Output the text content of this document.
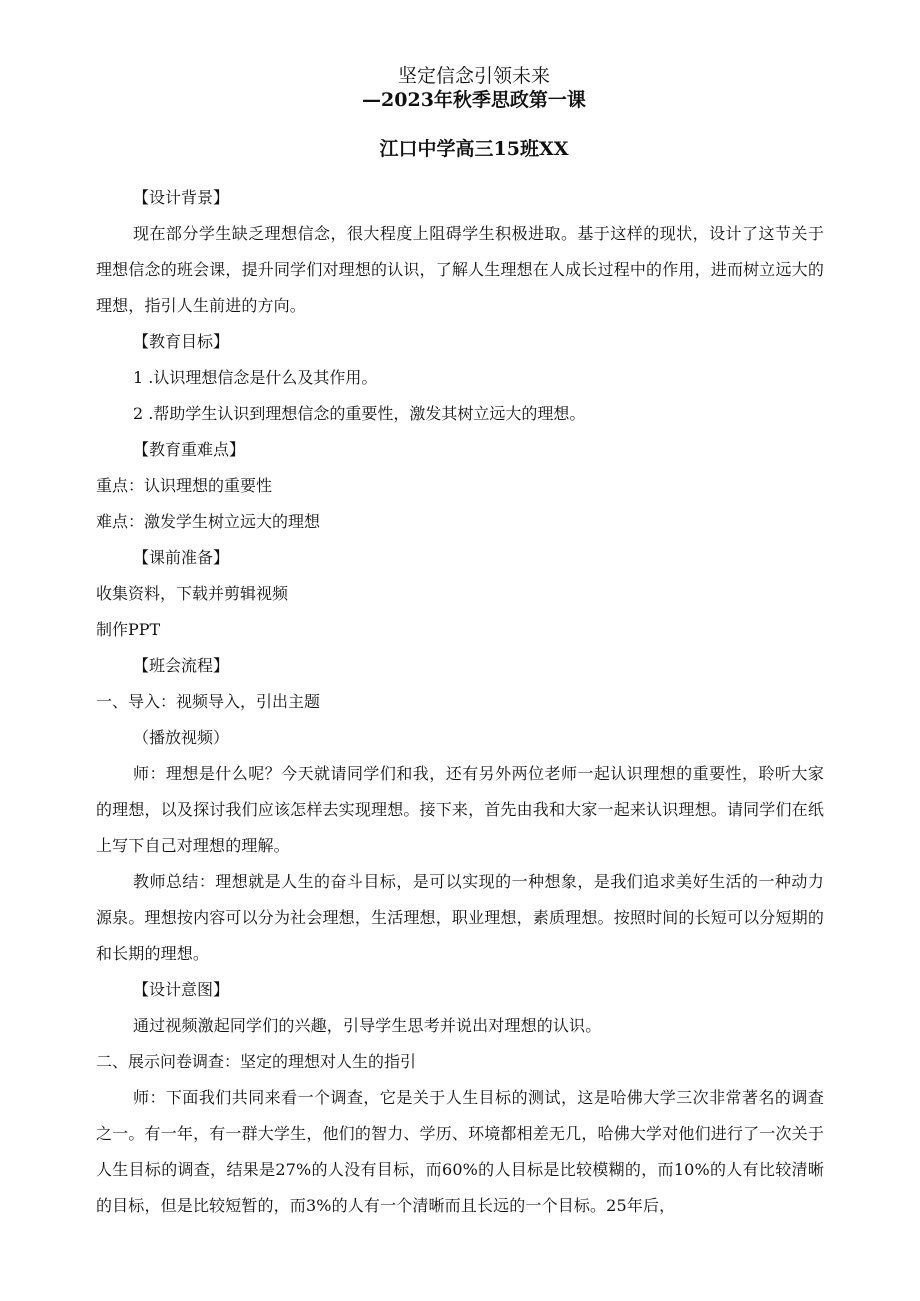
坚定信念引领未来

—2023年秋季思政第一课

江口中学高三15班XX

【设计背景】

现在部分学生缺乏理想信念，很大程度上阻碍学生积极进取。基于这样的现状，设计了这节关于理想信念的班会课，提升同学们对理想的认识，了解人生理想在人成长过程中的作用，进而树立远大的理想，指引人生前进的方向。

【教育目标】

1 .认识理想信念是什么及其作用。

2 .帮助学生认识到理想信念的重要性，激发其树立远大的理想。

【教育重难点】

重点：认识理想的重要性

难点：激发学生树立远大的理想

【课前准备】

收集资料，下载并剪辑视频

制作PPT

【班会流程】

一、导入：视频导入，引出主题

（播放视频）

师：理想是什么呢？今天就请同学们和我，还有另外两位老师一起认识理想的重要性，聆听大家的理想，以及探讨我们应该怎样去实现理想。接下来，首先由我和大家一起来认识理想。请同学们在纸上写下自己对理想的理解。

教师总结：理想就是人生的奋斗目标，是可以实现的一种想象，是我们追求美好生活的一种动力源泉。理想按内容可以分为社会理想，生活理想，职业理想，素质理想。按照时间的长短可以分短期的和长期的理想。

【设计意图】

通过视频激起同学们的兴趣，引导学生思考并说出对理想的认识。

二、展示问卷调查：坚定的理想对人生的指引

师：下面我们共同来看一个调查，它是关于人生目标的测试，这是哈佛大学三次非常著名的调查之一。有一年，有一群大学生，他们的智力、学历、环境都相差无几，哈佛大学对他们进行了一次关于人生目标的调查，结果是27%的人没有目标，而60%的人目标是比较模糊的，而10%的人有比较清晰的目标，但是比较短暂的，而3%的人有一个清晰而且长远的一个目标。25年后，
